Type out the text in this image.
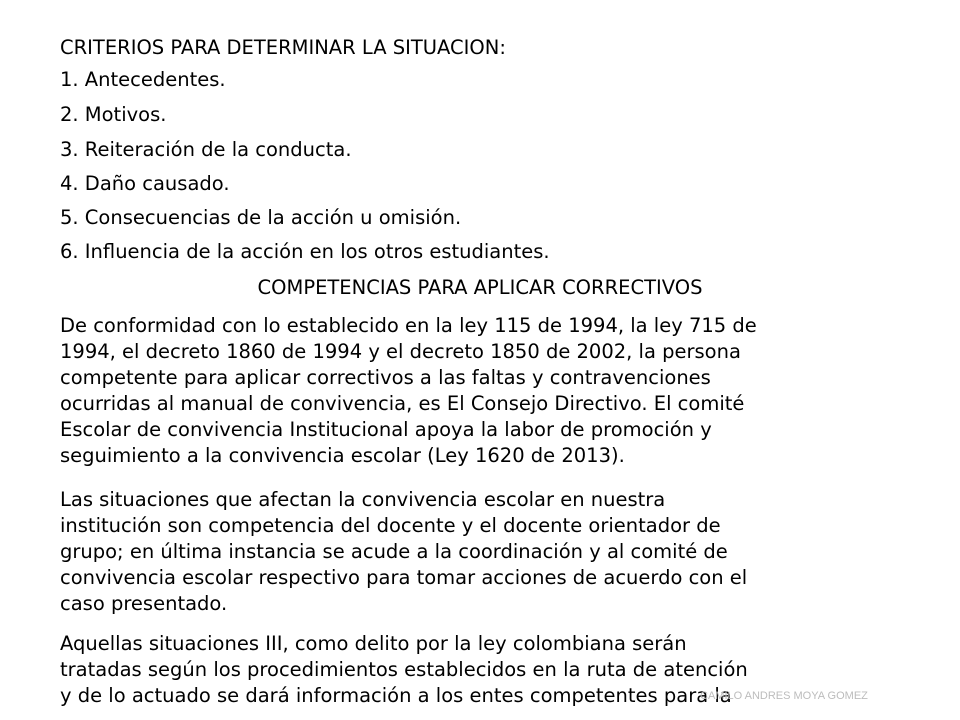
CRITERIOS PARA DETERMINAR LA SITUACION:

1. Antecedentes.

2. Motivos.

3. Reiteración de la conducta.

4. Daño causado.

5. Consecuencias de la acción u omisión.

6. Influencia de la acción en los otros estudiantes.

COMPETENCIAS PARA APLICAR CORRECTIVOS

De conformidad con lo establecido en la ley 115 de 1994, la ley 715 de
1994, el decreto 1860 de 1994 y el decreto 1850 de 2002, la persona
competente para aplicar correctivos a las faltas y contravenciones
ocurridas al manual de convivencia, es El Consejo Directivo. El comité
Escolar de convivencia Institucional apoya la labor de promoción y
seguimiento a la convivencia escolar (Ley 1620 de 2013).
Las situaciones que afectan la convivencia escolar en nuestra
institución son competencia del docente y el docente orientador de
grupo; en última instancia se acude a la coordinación y al comité de
convivencia escolar respectivo para tomar acciones de acuerdo con el
caso presentado.
Aquellas situaciones III, como delito por la ley colombiana serán
tratadas según los procedimientos establecidos en la ruta de atención
y de lo actuado se dará información a los entes competentes para la
CAMILO ANDRES MOYA GOMEZ
